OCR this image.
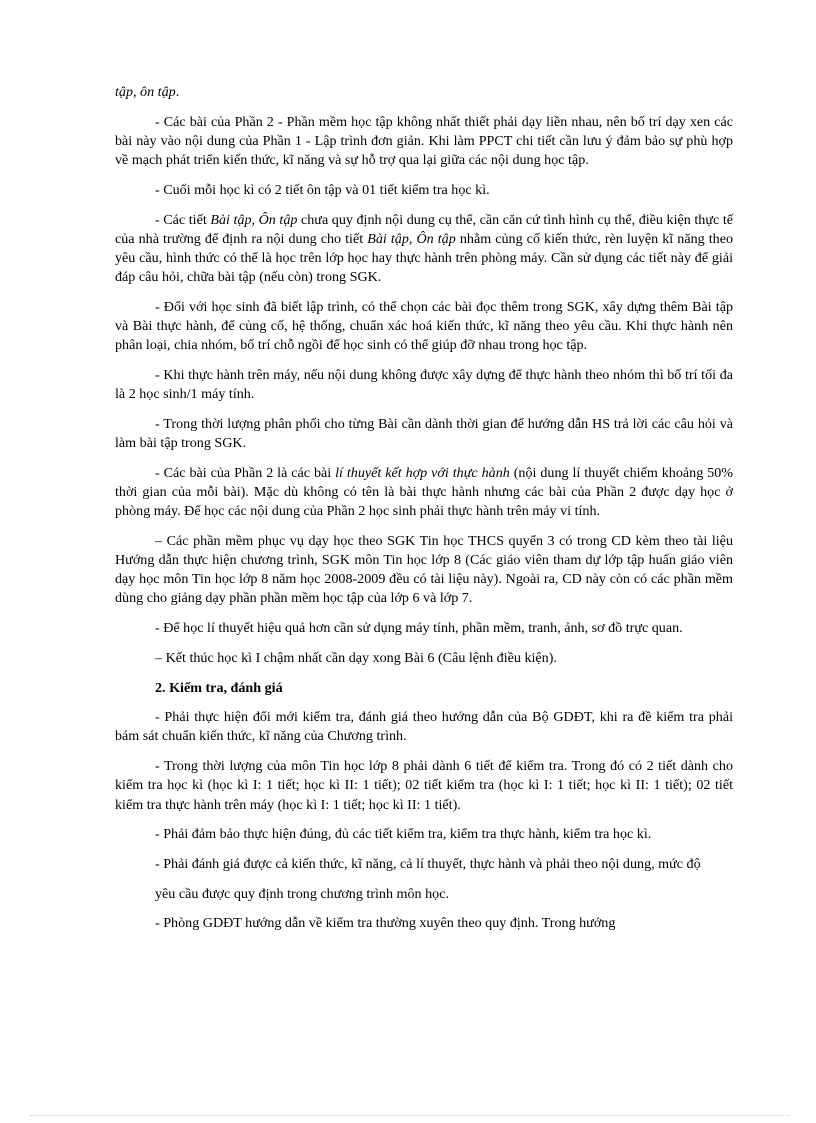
tập, ôn tập.

- Các bài của Phần 2 - Phần mềm học tập không nhất thiết phải dạy liền nhau, nên bố trí dạy xen các bài này vào nội dung của Phần 1 - Lập trình đơn giản. Khi làm PPCT chi tiết cần lưu ý đảm bảo sự phù hợp về mạch phát triển kiến thức, kĩ năng và sự hỗ trợ qua lại giữa các nội dung học tập.

- Cuối mỗi học kì có 2 tiết ôn tập và 01 tiết kiểm tra học kì.

- Các tiết Bài tập, Ôn tập chưa quy định nội dung cụ thể, cần căn cứ tình hình cụ thể, điều kiện thực tế của nhà trường để định ra nội dung cho tiết Bài tập, Ôn tập nhằm củng cố kiến thức, rèn luyện kĩ năng theo yêu cầu, hình thức có thể là học trên lớp học hay thực hành trên phòng máy. Cần sử dụng các tiết này để giải đáp câu hỏi, chữa bài tập (nếu còn) trong SGK.

- Đối với học sinh đã biết lập trình, có thể chọn các bài đọc thêm trong SGK, xây dựng thêm Bài tập và Bài thực hành, để củng cố, hệ thống, chuẩn xác hoá kiến thức, kĩ năng theo yêu cầu. Khi thực hành nên phân loại, chia nhóm, bố trí chỗ ngồi để học sinh có thể giúp đỡ nhau trong học tập.

- Khi thực hành trên máy, nếu nội dung không được xây dựng để thực hành theo nhóm thì bố trí tối đa là 2 học sinh/1 máy tính.

- Trong thời lượng phân phối cho từng Bài cần dành thời gian để hướng dẫn HS trả lời các câu hỏi và làm bài tập trong SGK.

- Các bài của Phần 2 là các bài lí thuyết kết hợp với thực hành (nội dung lí thuyết chiếm khoảng 50% thời gian của mỗi bài). Mặc dù không có tên là bài thực hành nhưng các bài của Phần 2 được dạy học ở phòng máy. Để học các nội dung của Phần 2 học sinh phải thực hành trên máy vi tính.

– Các phần mềm phục vụ dạy học theo SGK Tin học THCS quyển 3 có trong CD kèm theo tài liệu Hướng dẫn thực hiện chương trình, SGK môn Tin học lớp 8 (Các giáo viên tham dự lớp tập huấn giáo viên dạy học môn Tin học lớp 8 năm học 2008-2009 đều có tài liệu này). Ngoài ra, CD này còn có các phần mềm dùng cho giảng dạy phần phần mềm học tập của lớp 6 và lớp 7.

- Để học lí thuyết hiệu quả hơn cần sử dụng máy tính, phần mềm, tranh, ảnh, sơ đồ trực quan.

– Kết thúc học kì I chậm nhất cần dạy xong Bài 6 (Câu lệnh điều kiện).

2. Kiểm tra, đánh giá

- Phải thực hiện đổi mới kiểm tra, đánh giá theo hướng dẫn của Bộ GDĐT, khi ra đề kiểm tra phải bám sát chuẩn kiến thức, kĩ năng của Chương trình.

- Trong thời lượng của môn Tin học lớp 8 phải dành 6 tiết để kiểm tra. Trong đó có 2 tiết dành cho kiểm tra học kì (học kì I: 1 tiết; học kì II: 1 tiết); 02 tiết kiểm tra (học kì I: 1 tiết; học kì II: 1 tiết); 02 tiết kiểm tra thực hành trên máy (học kì I: 1 tiết; học kì II: 1 tiết).

- Phải đảm bảo thực hiện đúng, đủ các tiết kiểm tra, kiểm tra thực hành, kiểm tra học kì.

- Phải đánh giá được cả kiến thức, kĩ năng, cả lí thuyết, thực hành và phải theo nội dung, mức độ

yêu cầu được quy định trong chương trình môn học.

- Phòng GDĐT hướng dẫn về kiểm tra thường xuyên theo quy định. Trong hướng
